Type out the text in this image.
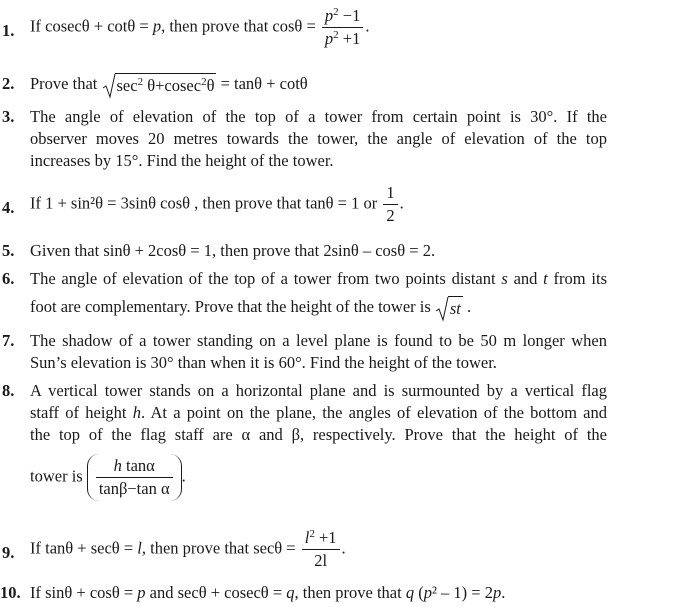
1. If cosecθ + cotθ = p, then prove that $\cos\theta = \frac{p^2 -1}{p^2 +1}$ .
2. Prove that
$\sec^2 \theta+cosec^2\theta = \tan\theta + \cot\theta$
3. The angle of elevation of the top of a tower from certain point is 30°. If the
observer moves 20 metres towards the tower, the angle of elevation of the top
increases by 15°. Find the height of the tower.
4. If 1 + sin²θ = 3sinθ cosθ , then prove that tanθ = 1 or $\frac{1}{2}$ .
5. Given that sinθ + 2cosθ = 1, then prove that 2sinθ – cosθ = 2.
6. The angle of elevation of the top of a tower from two points distant s and t from its
foot are complementary. Prove that the height of the tower is
st .
7. The shadow of a tower standing on a level plane is found to be 50 m longer when
Sun’s elevation is 30° than when it is 60°. Find the height of the tower.
8. A vertical tower stands on a horizontal plane and is surmounted by a vertical flag
staff of height h. At a point on the plane, the angles of elevation of the bottom and
the top of the flag staff are α and β, respectively. Prove that the height of the
tower is $\frac{\text{h tanα}}{\text{tanβ−tan α}}$ .
9. If tanθ + secθ = l, then prove that $\sec\theta = \frac{l^2 +1}{2l}$ .
10. If sinθ + cosθ = p and secθ + cosecθ = q, then prove that q (p² – 1) = 2p.
